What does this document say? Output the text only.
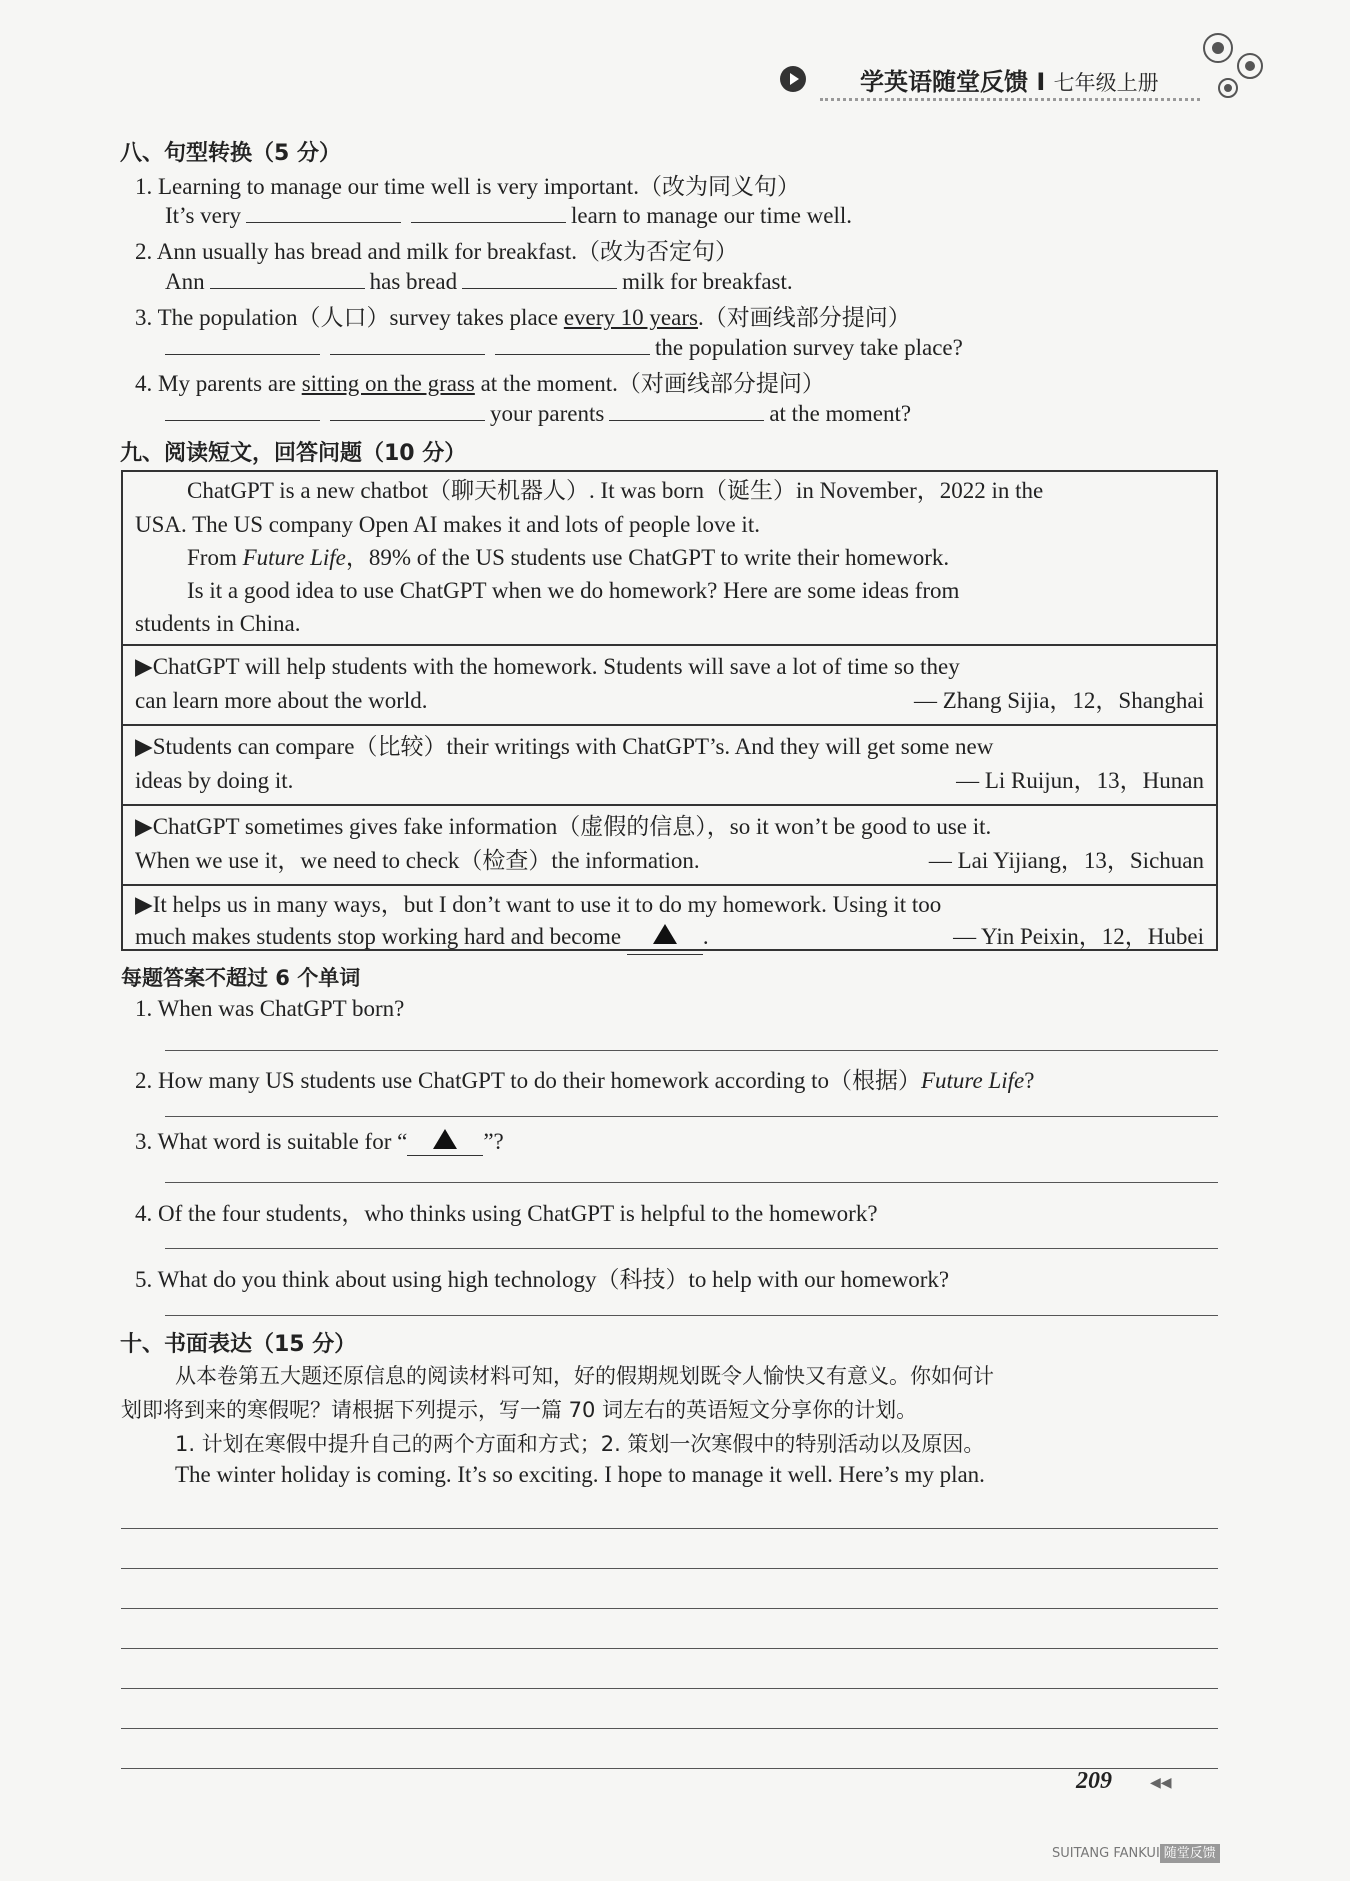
学英语随堂反馈 I 七年级上册
八、句型转换（5 分）
1. Learning to manage our time well is very important.（改为同义句）
It’s very	learn to manage our time well.
2. Ann usually has bread and milk for breakfast.（改为否定句）
Ann	has bread	milk for breakfast.
3. The population（人口）survey takes place every 10 years.（对画线部分提问）
the population survey take place?
4. My parents are sitting on the grass at the moment.（对画线部分提问）
your parents	at the moment?
九、阅读短文，回答问题（10 分）
ChatGPT is a new chatbot（聊天机器人）. It was born（诞生）in November，2022 in the
USA. The US company Open AI makes it and lots of people love it.
From Future Life，89% of the US students use ChatGPT to write their homework.
Is it a good idea to use ChatGPT when we do homework? Here are some ideas from
students in China.
▶ChatGPT will help students with the homework. Students will save a lot of time so they
can learn more about the world.	— Zhang Sijia，12，Shanghai
▶Students can compare（比较）their writings with ChatGPT’s. And they will get some new
ideas by doing it.	— Li Ruijun，13，Hunan
▶ChatGPT sometimes gives fake information（虚假的信息），so it won’t be good to use it.
When we use it，we need to check（检查）the information.	— Lai Yijiang，13，Sichuan
▶It helps us in many ways，but I don’t want to use it to do my homework. Using it too
much makes students stop working hard and become	.	— Yin Peixin，12，Hubei
每题答案不超过 6 个单词
1. When was ChatGPT born?
2. How many US students use ChatGPT to do their homework according to（根据）Future Life?
3. What word is suitable for “	”?
4. Of the four students，who thinks using ChatGPT is helpful to the homework?
5. What do you think about using high technology（科技）to help with our homework?
十、书面表达（15 分）
从本卷第五大题还原信息的阅读材料可知，好的假期规划既令人愉快又有意义。你如何计
划即将到来的寒假呢？请根据下列提示，写一篇 70 词左右的英语短文分享你的计划。
1. 计划在寒假中提升自己的两个方面和方式；2. 策划一次寒假中的特别活动以及原因。
The winter holiday is coming. It’s so exciting. I hope to manage it well. Here’s my plan.
209	◀◀
SUITANG FANKUI 随堂反馈
